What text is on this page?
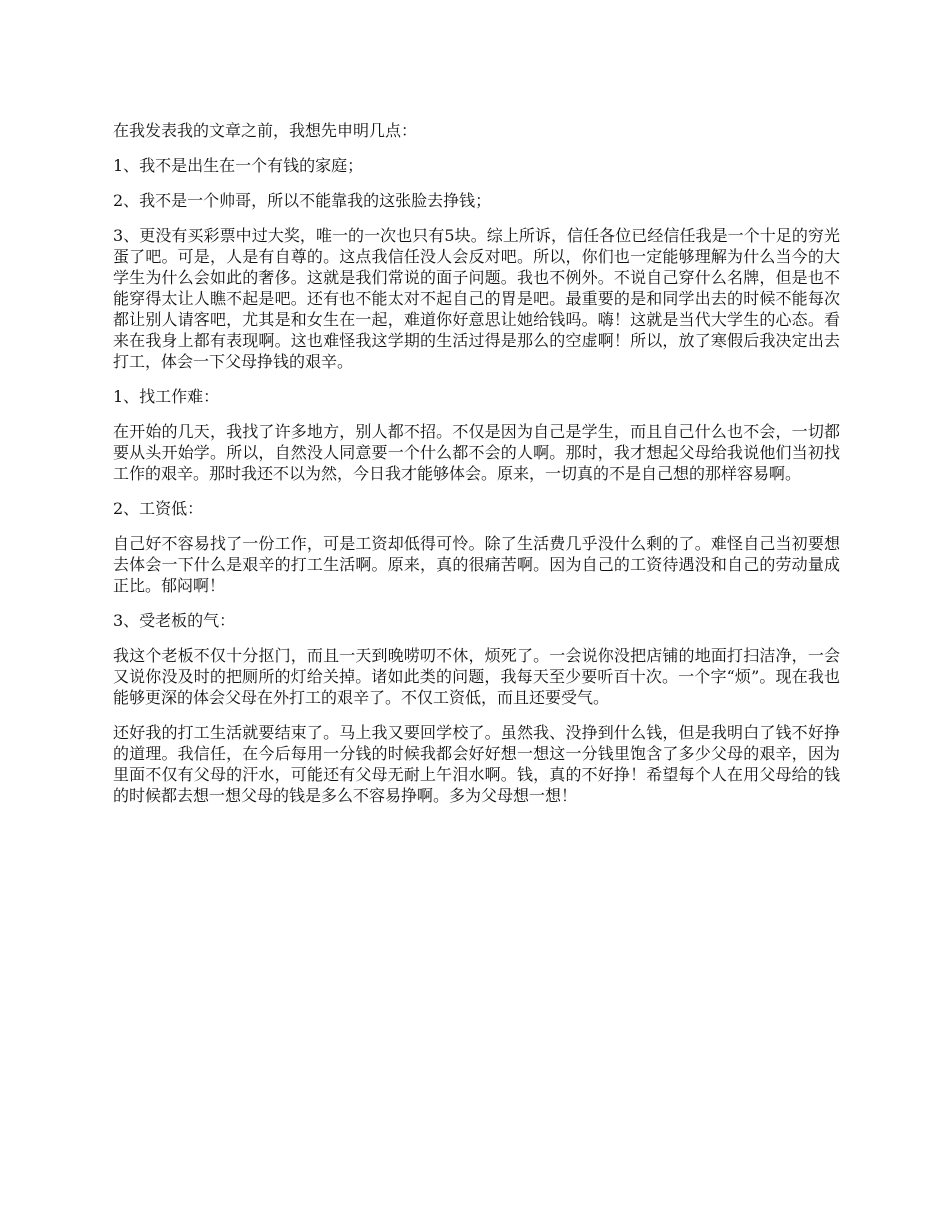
在我发表我的文章之前，我想先申明几点：

1、我不是出生在一个有钱的家庭；

2、我不是一个帅哥，所以不能靠我的这张脸去挣钱；

3、更没有买彩票中过大奖，唯一的一次也只有5块。综上所诉，信任各位已经信任我是一个十足的穷光蛋了吧。可是，人是有自尊的。这点我信任没人会反对吧。所以，你们也一定能够理解为什么当今的大学生为什么会如此的奢侈。这就是我们常说的面子问题。我也不例外。不说自己穿什么名牌，但是也不能穿得太让人瞧不起是吧。还有也不能太对不起自己的胃是吧。最重要的是和同学出去的时候不能每次都让别人请客吧，尤其是和女生在一起，难道你好意思让她给钱吗。嗨！这就是当代大学生的心态。看来在我身上都有表现啊。这也难怪我这学期的生活过得是那么的空虚啊！所以，放了寒假后我决定出去打工，体会一下父母挣钱的艰辛。

1、找工作难：

在开始的几天，我找了许多地方，别人都不招。不仅是因为自己是学生，而且自己什么也不会，一切都要从头开始学。所以，自然没人同意要一个什么都不会的人啊。那时，我才想起父母给我说他们当初找工作的艰辛。那时我还不以为然，今日我才能够体会。原来，一切真的不是自己想的那样容易啊。

2、工资低：

自己好不容易找了一份工作，可是工资却低得可怜。除了生活费几乎没什么剩的了。难怪自己当初要想去体会一下什么是艰辛的打工生活啊。原来，真的很痛苦啊。因为自己的工资待遇没和自己的劳动量成正比。郁闷啊！

3、受老板的气：

我这个老板不仅十分抠门，而且一天到晚唠叨不休，烦死了。一会说你没把店铺的地面打扫洁净，一会又说你没及时的把厕所的灯给关掉。诸如此类的问题，我每天至少要听百十次。一个字“烦”。现在我也能够更深的体会父母在外打工的艰辛了。不仅工资低，而且还要受气。

还好我的打工生活就要结束了。马上我又要回学校了。虽然我、没挣到什么钱，但是我明白了钱不好挣的道理。我信任，在今后每用一分钱的时候我都会好好想一想这一分钱里饱含了多少父母的艰辛，因为里面不仅有父母的汗水，可能还有父母无耐上午泪水啊。钱，真的不好挣！希望每个人在用父母给的钱的时候都去想一想父母的钱是多么不容易挣啊。多为父母想一想！
